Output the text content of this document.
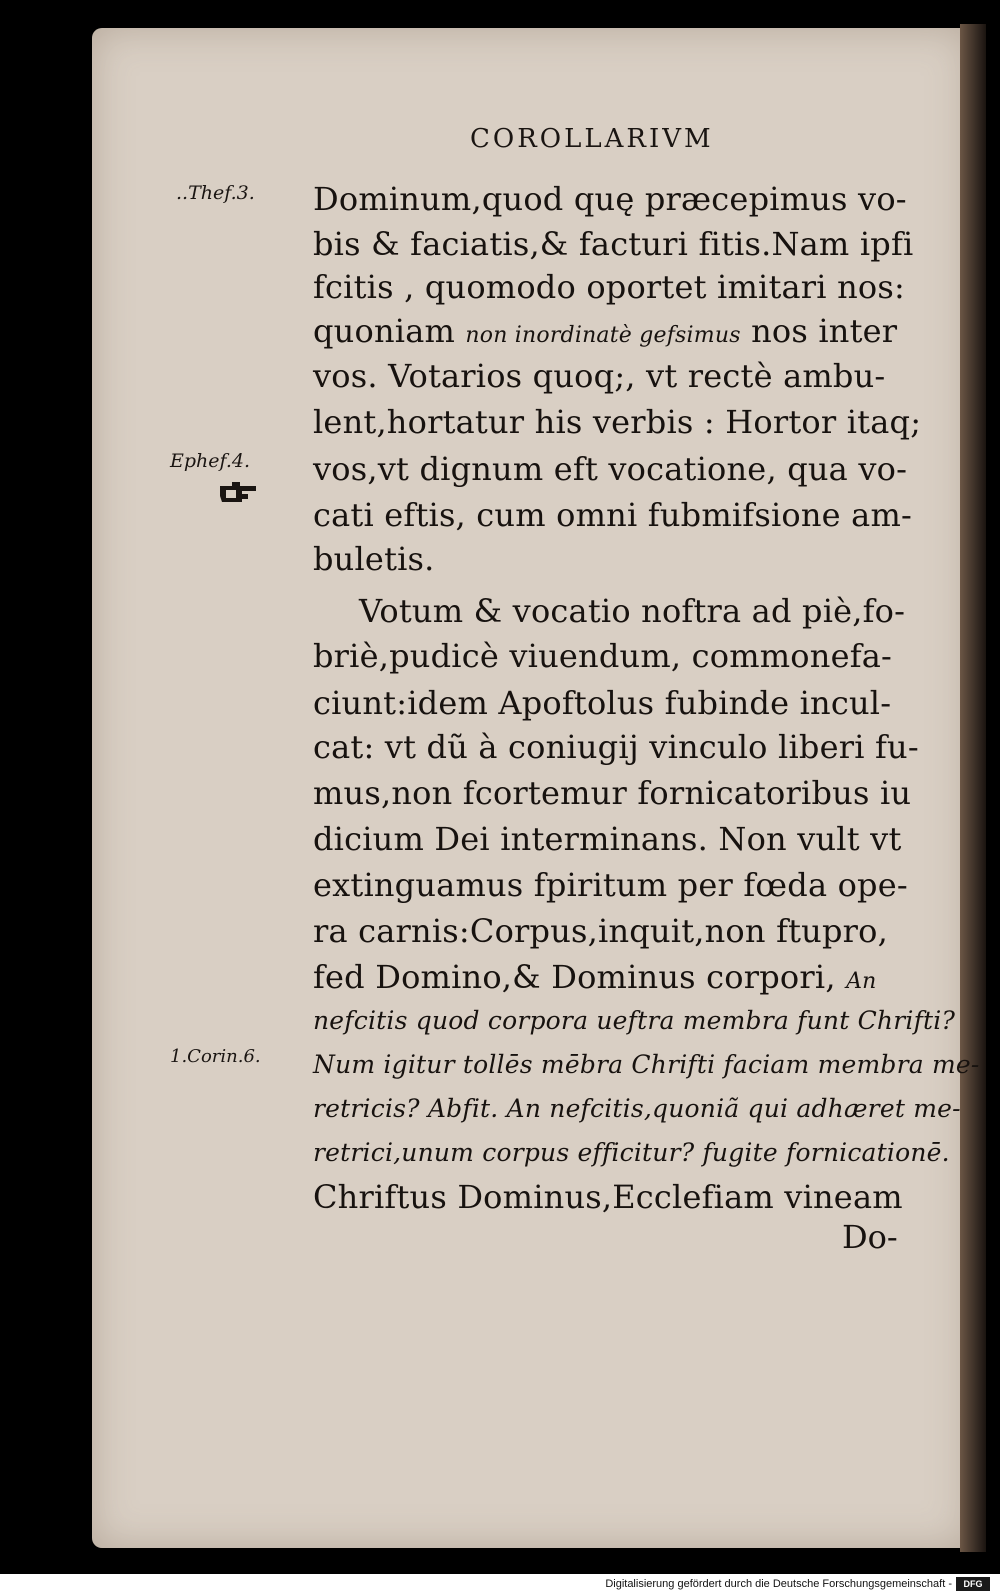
COROLLARIVM
..Thef.3.
Ephef.4.
1.Corin.6.
Dominum,quod quę præcepimus vo-
bis & faciatis,& facturi fitis.Nam ipfi
fcitis , quomodo oportet imitari nos:
quoniam non inordinatè gefsimus nos inter
vos. Votarios quoq;, vt rectè ambu-
lent,hortatur his verbis : Hortor itaq;
vos,vt dignum eft vocatione, qua vo-
cati eftis, cum omni fubmifsione am-
buletis.
Votum & vocatio noftra ad piè,fo-
briè,pudicè viuendum, commonefa-
ciunt:idem Apoftolus fubinde incul-
cat: vt dũ à coniugij vinculo liberi fu-
mus,non fcortemur fornicatoribus iu
dicium Dei interminans. Non vult vt
extinguamus fpiritum per fœda ope-
ra carnis:Corpus,inquit,non ftupro,
fed Domino,& Dominus corpori, An
nefcitis quod corpora ueftra membra funt Chrifti?
Num igitur tollēs mēbra Chrifti faciam membra me-
retricis? Abfit. An nefcitis,quoniã qui adhæret me-
retrici,unum corpus efficitur? fugite fornicationē.
Chriftus Dominus,Ecclefiam vineam
Do-
Digitalisierung gefördert durch die Deutsche Forschungsgemeinschaft -	DFG
